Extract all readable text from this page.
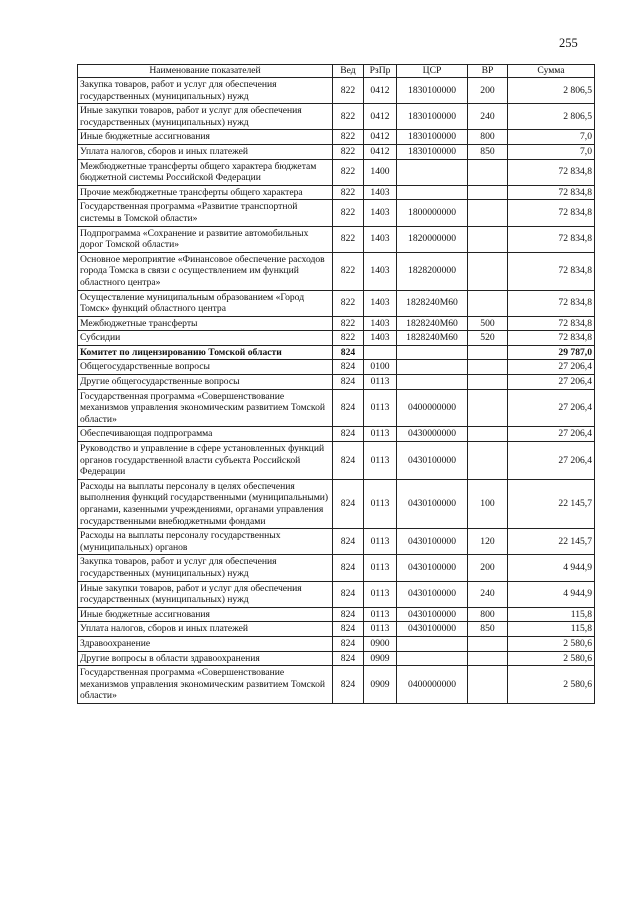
255
Наименование показателей	Вед	РзПр	ЦСР	ВР	Сумма
Закупка товаров, работ и услуг для обеспечения государственных (муниципальных) нужд	822	0412	1830100000	200	2 806,5
Иные закупки товаров, работ и услуг для обеспечения государственных (муниципальных) нужд	822	0412	1830100000	240	2 806,5
Иные бюджетные ассигнования	822	0412	1830100000	800	7,0
Уплата налогов, сборов и иных платежей	822	0412	1830100000	850	7,0
Межбюджетные трансферты общего характера бюджетам бюджетной системы Российской Федерации	822	1400			72 834,8
Прочие межбюджетные трансферты общего характера	822	1403			72 834,8
Государственная программа «Развитие транспортной системы в Томской области»	822	1403	1800000000		72 834,8
Подпрограмма «Сохранение и развитие автомобильных дорог Томской области»	822	1403	1820000000		72 834,8
Основное мероприятие «Финансовое обеспечение расходов города Томска в связи с осуществлением им функций областного центра»	822	1403	1828200000		72 834,8
Осуществление муниципальным образованием «Город Томск» функций областного центра	822	1403	1828240М60		72 834,8
Межбюджетные трансферты	822	1403	1828240М60	500	72 834,8
Субсидии	822	1403	1828240М60	520	72 834,8
Комитет по лицензированию Томской области	824				29 787,0
Общегосударственные вопросы	824	0100			27 206,4
Другие общегосударственные вопросы	824	0113			27 206,4
Государственная программа «Совершенствование механизмов управления экономическим развитием Томской области»	824	0113	0400000000		27 206,4
Обеспечивающая подпрограмма	824	0113	0430000000		27 206,4
Руководство и управление в сфере установленных функций органов государственной власти субъекта Российской Федерации	824	0113	0430100000		27 206,4
Расходы на выплаты персоналу в целях обеспечения выполнения функций государственными (муниципальными) органами, казенными учреждениями, органами управления государственными внебюджетными фондами	824	0113	0430100000	100	22 145,7
Расходы на выплаты персоналу государственных (муниципальных) органов	824	0113	0430100000	120	22 145,7
Закупка товаров, работ и услуг для обеспечения государственных (муниципальных) нужд	824	0113	0430100000	200	4 944,9
Иные закупки товаров, работ и услуг для обеспечения государственных (муниципальных) нужд	824	0113	0430100000	240	4 944,9
Иные бюджетные ассигнования	824	0113	0430100000	800	115,8
Уплата налогов, сборов и иных платежей	824	0113	0430100000	850	115,8
Здравоохранение	824	0900			2 580,6
Другие вопросы в области здравоохранения	824	0909			2 580,6
Государственная программа «Совершенствование механизмов управления экономическим развитием Томской области»	824	0909	0400000000		2 580,6
